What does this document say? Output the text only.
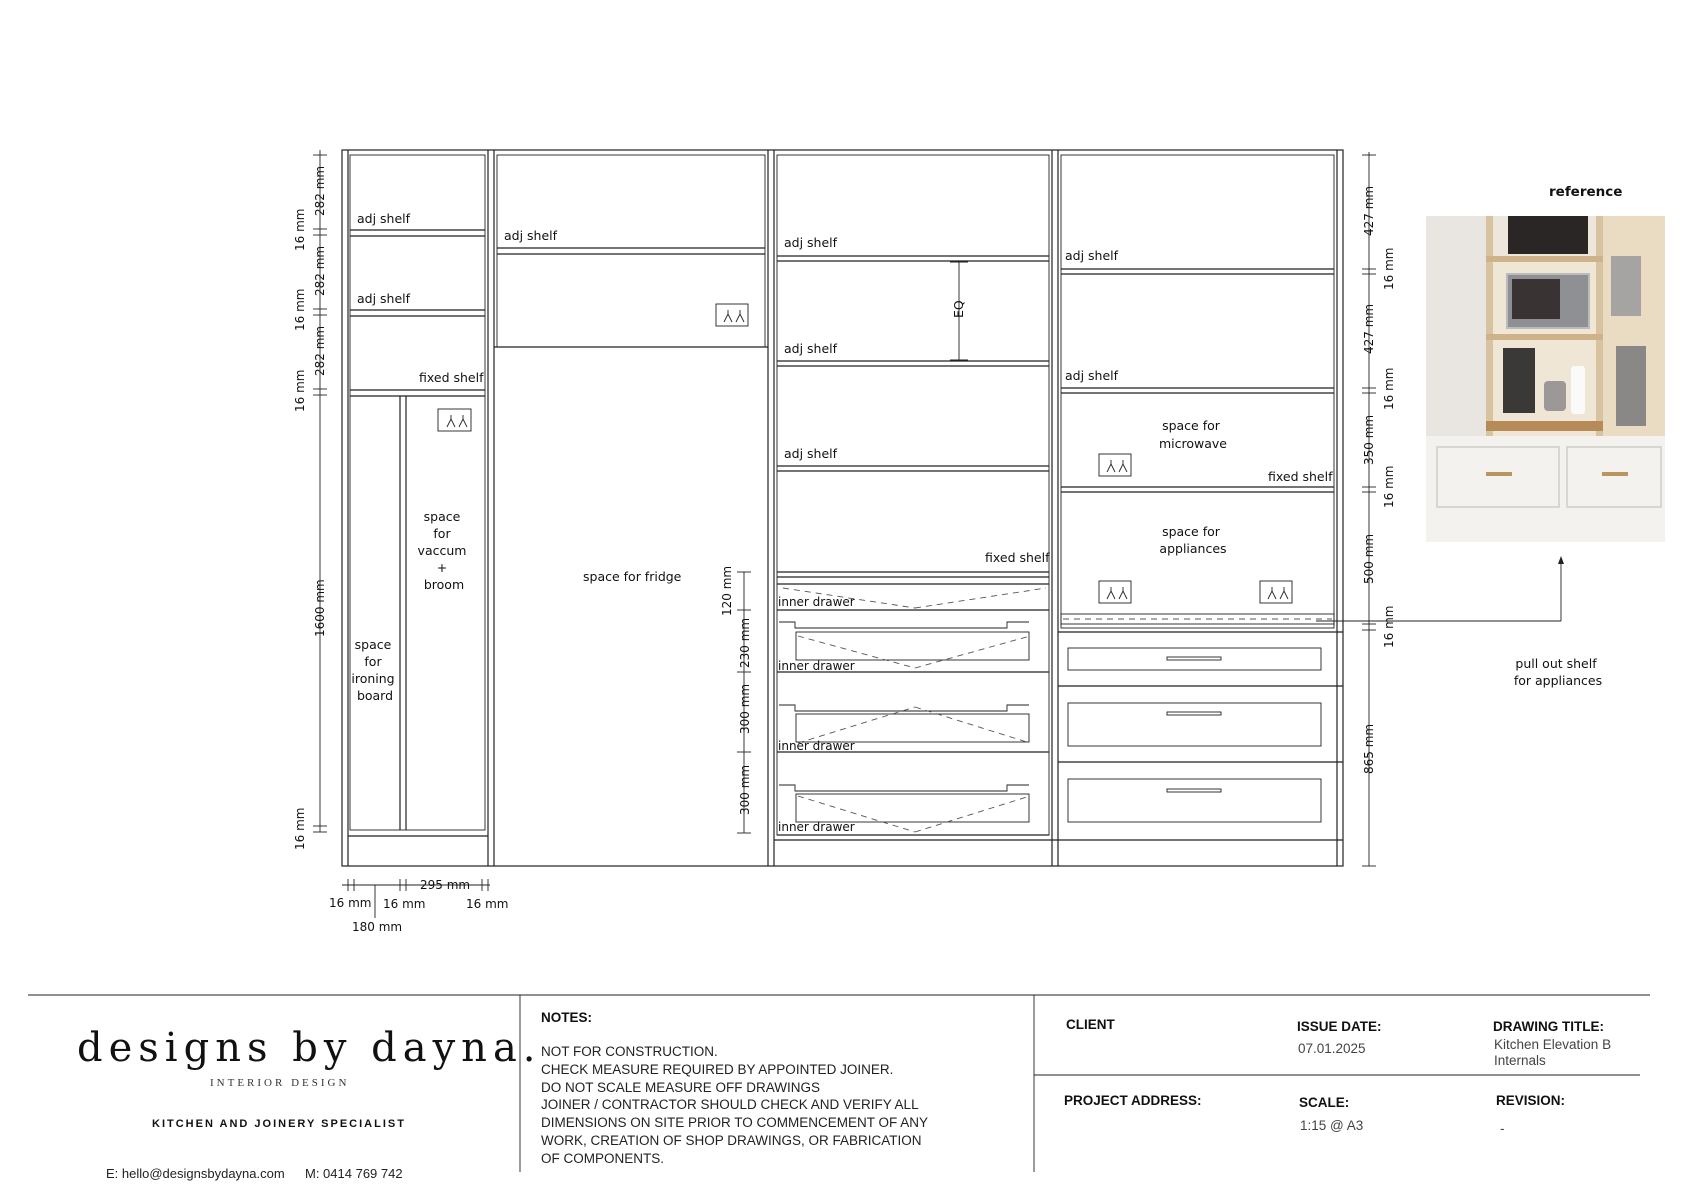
adj shelf
adj shelf
fixed shelf
space for vaccum + broom
space for ironing board
adj shelf
space for fridge
EQ
adj shelf
adj shelf
adj shelf
fixed shelf
inner drawer
inner drawer
inner drawer
inner drawer
adj shelf
adj shelf
fixed shelf
space for microwave
space for appliances
282 mm
16 mm
282 mm
16 mm
282 mm
16 mm
1600 mm
16 mm
120 mm
230 mm
300 mm
300 mm
427 mm
16 mm
427 mm
16 mm
350 mm
16 mm
500 mm
16 mm
865 mm
16 mm 16 mm
295 mm
16 mm
180 mm
pull out shelf for appliances
reference
designs by dayna.
INTERIOR DESIGN
KITCHEN AND JOINERY SPECIALIST
E: hello@designsbydayna.com M: 0414 769 742
NOTES:
NOT FOR CONSTRUCTION.
CHECK MEASURE REQUIRED BY APPOINTED JOINER.
DO NOT SCALE MEASURE OFF DRAWINGS
JOINER / CONTRACTOR SHOULD CHECK AND VERIFY ALL
DIMENSIONS ON SITE PRIOR TO COMMENCEMENT OF ANY
WORK, CREATION OF SHOP DRAWINGS, OR FABRICATION
OF COMPONENTS.
CLIENT	ISSUE DATE:
07.01.2025
DRAWING TITLE:
Kitchen Elevation B
Internals
PROJECT ADDRESS:	SCALE:
1:15 @ A3
REVISION:
-
